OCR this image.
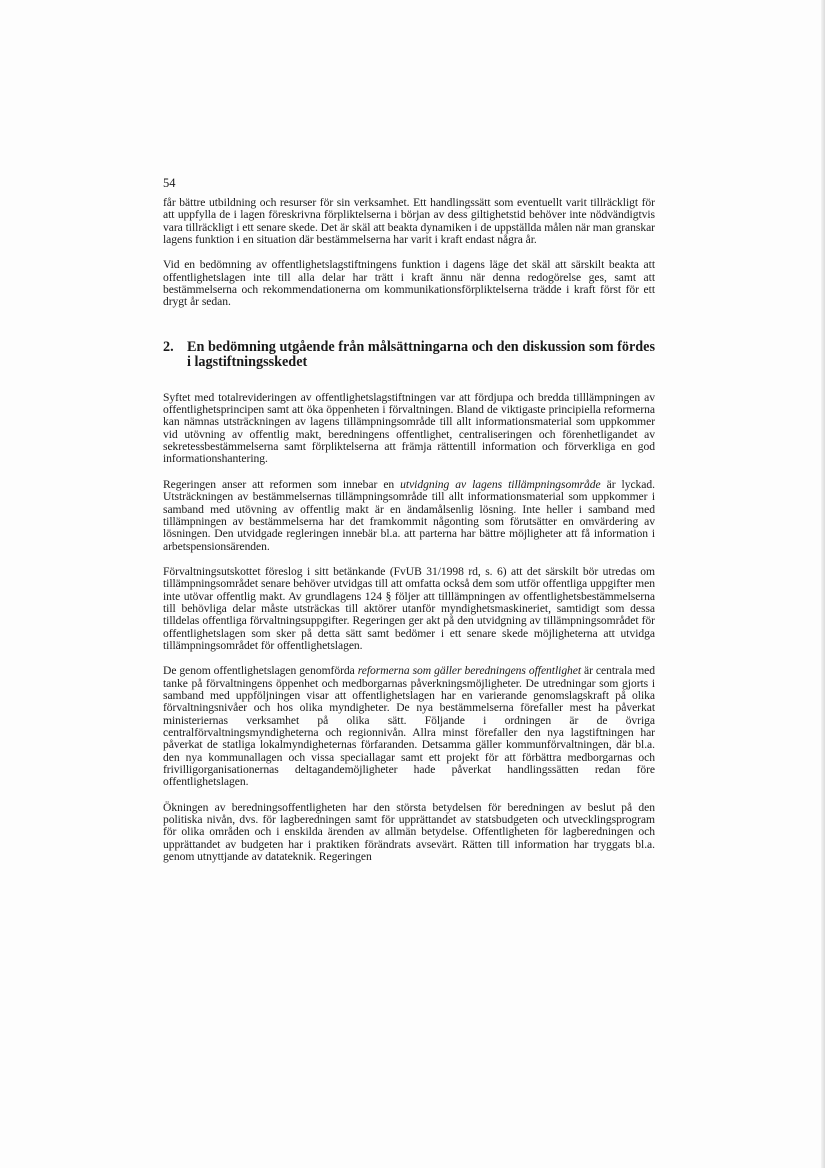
54

får bättre utbildning och resurser för sin verksamhet. Ett handlingssätt som eventuellt varit tillräckligt för att uppfylla de i lagen föreskrivna förpliktelserna i början av dess giltighetstid behöver inte nödvändigtvis vara tillräckligt i ett senare skede. Det är skäl att beakta dynamiken i de uppställda målen när man granskar lagens funktion i en situation där bestämmelserna har varit i kraft endast några år.

Vid en bedömning av offentlighetslagstiftningens funktion i dagens läge det skäl att särskilt beakta att offentlighetslagen inte till alla delar har trätt i kraft ännu när denna redogörelse ges, samt att bestämmelserna och rekommendationerna om kommunikationsförpliktelserna trädde i kraft först för ett drygt år sedan.

2. En bedömning utgående från målsättningarna och den diskussion som fördes i lagstiftningsskedet

Syftet med totalrevideringen av offentlighetslagstiftningen var att fördjupa och bredda tilllämpningen av offentlighetsprincipen samt att öka öppenheten i förvaltningen. Bland de viktigaste principiella reformerna kan nämnas utsträckningen av lagens tillämpningsområde till allt informationsmaterial som uppkommer vid utövning av offentlig makt, beredningens offentlighet, centraliseringen och förenhetligandet av sekretessbestämmelserna samt förpliktelserna att främja rättentill information och förverkliga en god informationshantering.

Regeringen anser att reformen som innebar en utvidgning av lagens tillämpningsområde är lyckad. Utsträckningen av bestämmelsernas tillämpningsområde till allt informationsmaterial som uppkommer i samband med utövning av offentlig makt är en ändamålsenlig lösning. Inte heller i samband med tillämpningen av bestämmelserna har det framkommit någonting som förutsätter en omvärdering av lösningen. Den utvidgade regleringen innebär bl.a. att parterna har bättre möjligheter att få information i arbetspensionsärenden.

Förvaltningsutskottet föreslog i sitt betänkande (FvUB 31/1998 rd, s. 6) att det särskilt bör utredas om tillämpningsområdet senare behöver utvidgas till att omfatta också dem som utför offentliga uppgifter men inte utövar offentlig makt. Av grundlagens 124 § följer att tilllämpningen av offentlighetsbestämmelserna till behövliga delar måste utsträckas till aktörer utanför myndighetsmaskineriet, samtidigt som dessa tilldelas offentliga förvaltningsuppgifter. Regeringen ger akt på den utvidgning av tillämpningsområdet för offentlighetslagen som sker på detta sätt samt bedömer i ett senare skede möjligheterna att utvidga tillämpningsområdet för offentlighetslagen.

De genom offentlighetslagen genomförda reformerna som gäller beredningens offentlighet är centrala med tanke på förvaltningens öppenhet och medborgarnas påverkningsmöjligheter. De utredningar som gjorts i samband med uppföljningen visar att offentlighetslagen har en varierande genomslagskraft på olika förvaltningsnivåer och hos olika myndigheter. De nya bestämmelserna förefaller mest ha påverkat ministeriernas verksamhet på olika sätt. Följande i ordningen är de övriga centralförvaltningsmyndigheterna och regionnivån. Allra minst förefaller den nya lagstiftningen har påverkat de statliga lokalmyndigheternas förfaranden. Detsamma gäller kommunförvaltningen, där bl.a. den nya kommunallagen och vissa speciallagar samt ett projekt för att förbättra medborgarnas och frivilligorganisationernas deltagandemöjligheter hade påverkat handlingssätten redan före offentlighetslagen.

Ökningen av beredningsoffentligheten har den största betydelsen för beredningen av beslut på den politiska nivån, dvs. för lagberedningen samt för upprättandet av statsbudgeten och utvecklingsprogram för olika områden och i enskilda ärenden av allmän betydelse. Offentligheten för lagberedningen och upprättandet av budgeten har i praktiken förändrats avsevärt. Rätten till information har tryggats bl.a. genom utnyttjande av datateknik. Regeringen
